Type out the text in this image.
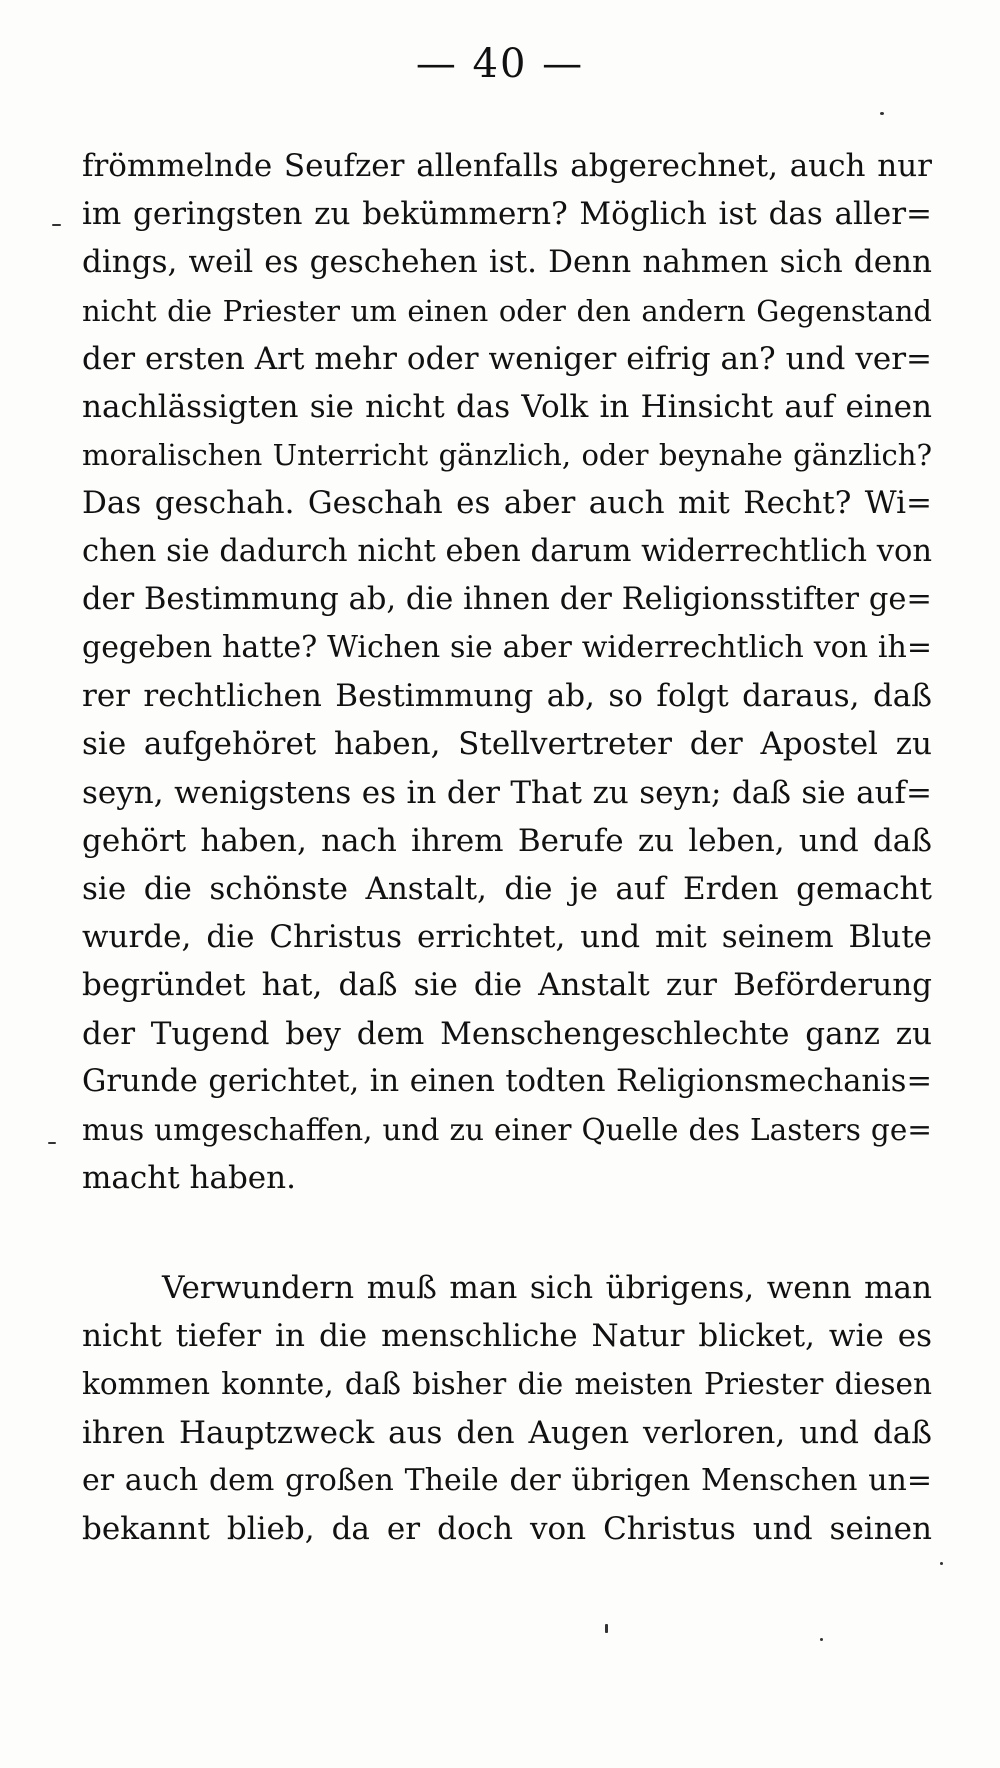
— 40 —
frömmelnde Seufzer allenfalls abgerechnet, auch nur
im geringsten zu bekümmern? Möglich ist das aller=
dings, weil es geschehen ist. Denn nahmen sich denn
nicht die Priester um einen oder den andern Gegenstand
der ersten Art mehr oder weniger eifrig an? und ver=
nachlässigten sie nicht das Volk in Hinsicht auf einen
moralischen Unterricht gänzlich, oder beynahe gänzlich?
Das geschah. Geschah es aber auch mit Recht? Wi=
chen sie dadurch nicht eben darum widerrechtlich von
der Bestimmung ab, die ihnen der Religionsstifter ge=
gegeben hatte? Wichen sie aber widerrechtlich von ih=
rer rechtlichen Bestimmung ab, so folgt daraus, daß
sie aufgehöret haben, Stellvertreter der Apostel zu
seyn, wenigstens es in der That zu seyn; daß sie auf=
gehört haben, nach ihrem Berufe zu leben, und daß
sie die schönste Anstalt, die je auf Erden gemacht
wurde, die Christus errichtet, und mit seinem Blute
begründet hat, daß sie die Anstalt zur Beförderung
der Tugend bey dem Menschengeschlechte ganz zu
Grunde gerichtet, in einen todten Religionsmechanis=
mus umgeschaffen, und zu einer Quelle des Lasters ge=
macht haben.
Verwundern muß man sich übrigens, wenn man
nicht tiefer in die menschliche Natur blicket, wie es
kommen konnte, daß bisher die meisten Priester diesen
ihren Hauptzweck aus den Augen verloren, und daß
er auch dem großen Theile der übrigen Menschen un=
bekannt blieb, da er doch von Christus und seinen
